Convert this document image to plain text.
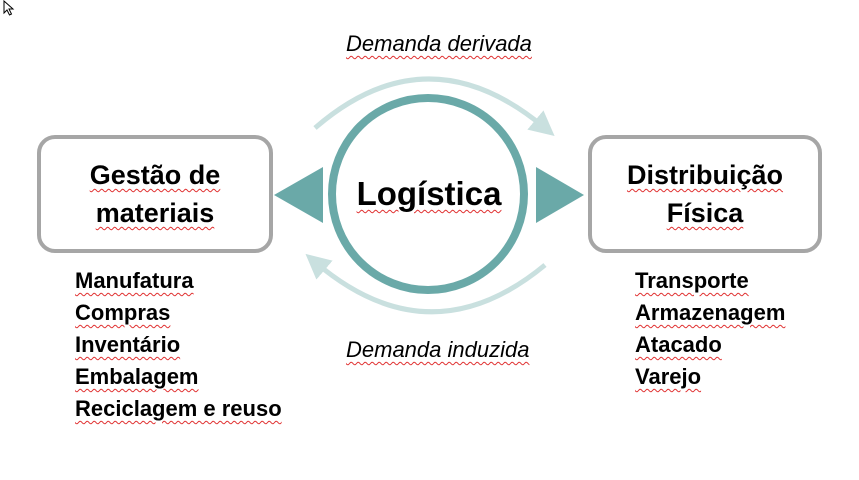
Gestão de
materiais
Logística	Distribuição
Física
Demanda derivada
Demanda induzida
Manufatura
Compras
Inventário
Embalagem
Reciclagem e reuso
Transporte
Armazenagem
Atacado
Varejo
